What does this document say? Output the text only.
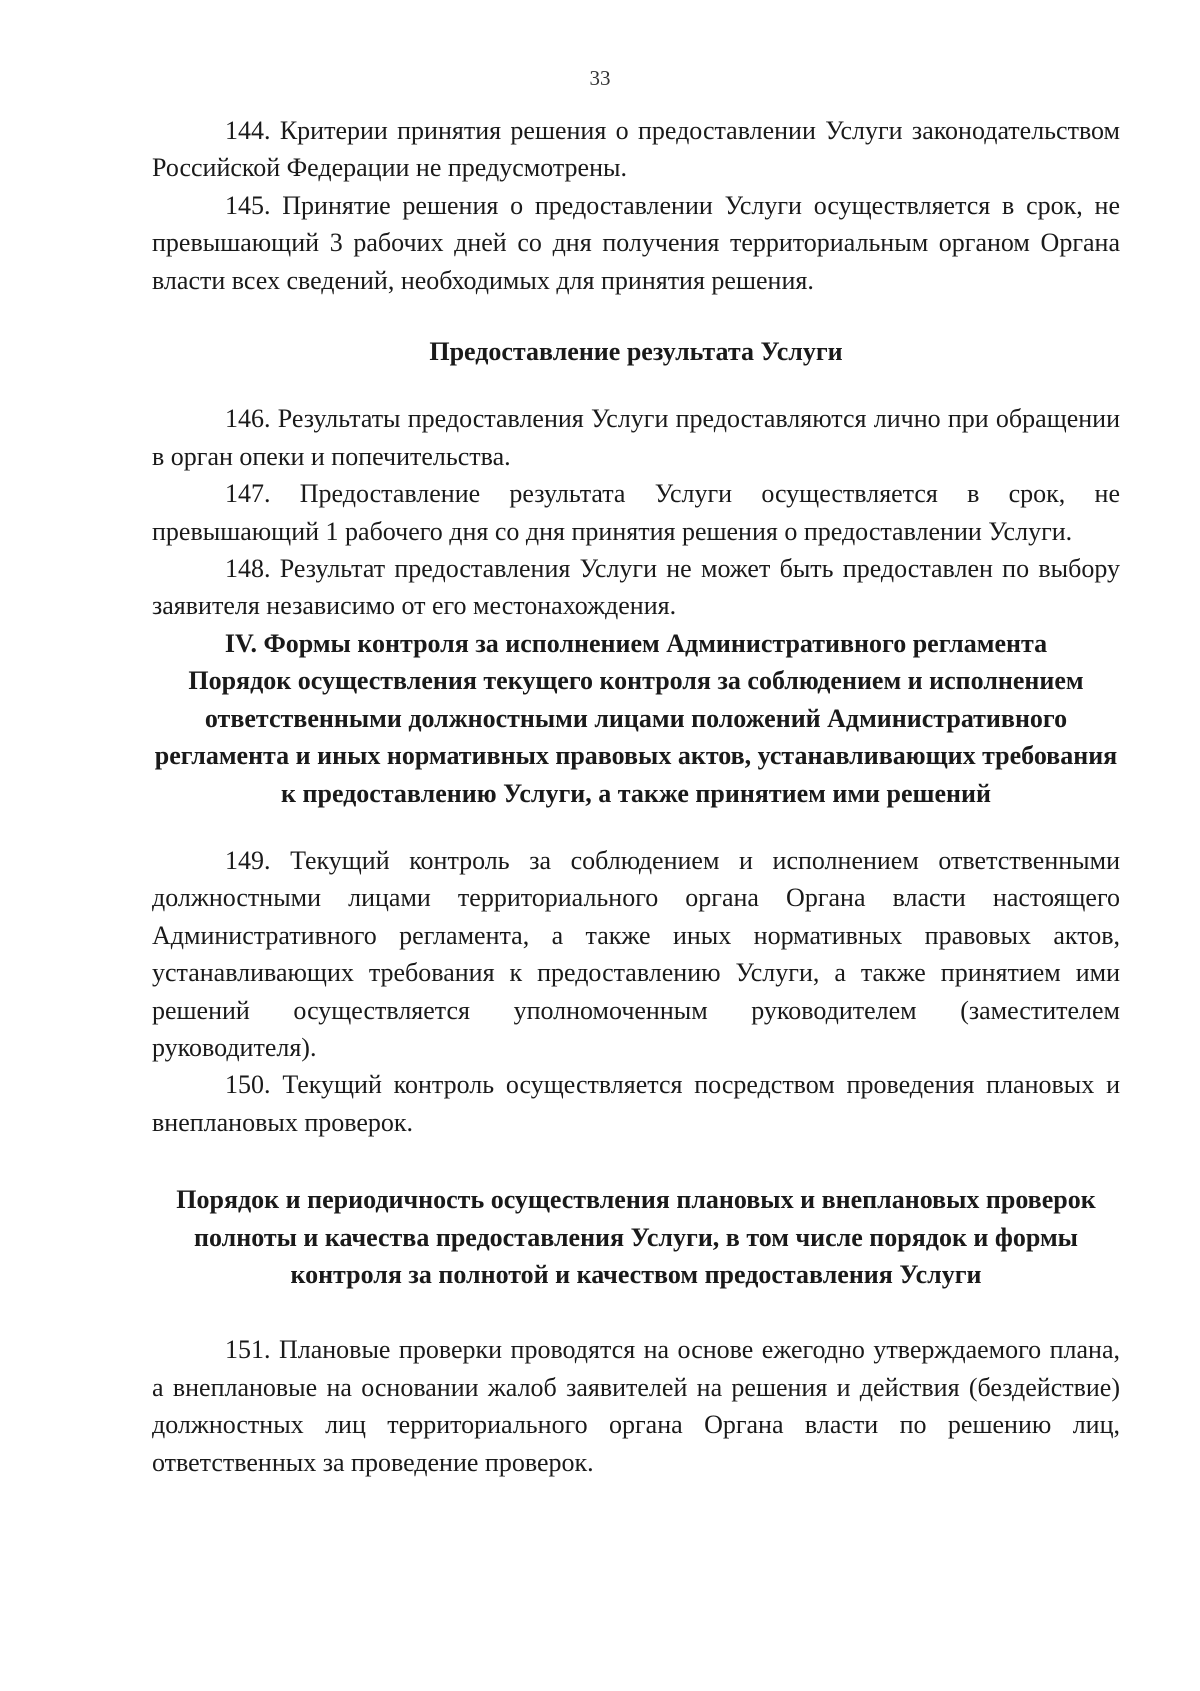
33

144. Критерии принятия решения о предоставлении Услуги законодательством Российской Федерации не предусмотрены.

145. Принятие решения о предоставлении Услуги осуществляется в срок, не превышающий 3 рабочих дней со дня получения территориальным органом Органа власти всех сведений, необходимых для принятия решения.

Предоставление результата Услуги

146. Результаты предоставления Услуги предоставляются лично при обращении в орган опеки и попечительства.

147. Предоставление результата Услуги осуществляется в срок, не превышающий 1 рабочего дня со дня принятия решения о предоставлении Услуги.

148. Результат предоставления Услуги не может быть предоставлен по выбору заявителя независимо от его местонахождения.

IV. Формы контроля за исполнением Административного регламента
Порядок осуществления текущего контроля за соблюдением и исполнением ответственными должностными лицами положений Административного регламента и иных нормативных правовых актов, устанавливающих требования к предоставлению Услуги, а также принятием ими решений

149. Текущий контроль за соблюдением и исполнением ответственными должностными лицами территориального органа Органа власти настоящего Административного регламента, а также иных нормативных правовых актов, устанавливающих требования к предоставлению Услуги, а также принятием ими решений осуществляется уполномоченным руководителем (заместителем руководителя).

150. Текущий контроль осуществляется посредством проведения плановых и внеплановых проверок.

Порядок и периодичность осуществления плановых и внеплановых проверок полноты и качества предоставления Услуги, в том числе порядок и формы контроля за полнотой и качеством предоставления Услуги

151. Плановые проверки проводятся на основе ежегодно утверждаемого плана, а внеплановые на основании жалоб заявителей на решения и действия (бездействие) должностных лиц территориального органа Органа власти по решению лиц, ответственных за проведение проверок.
